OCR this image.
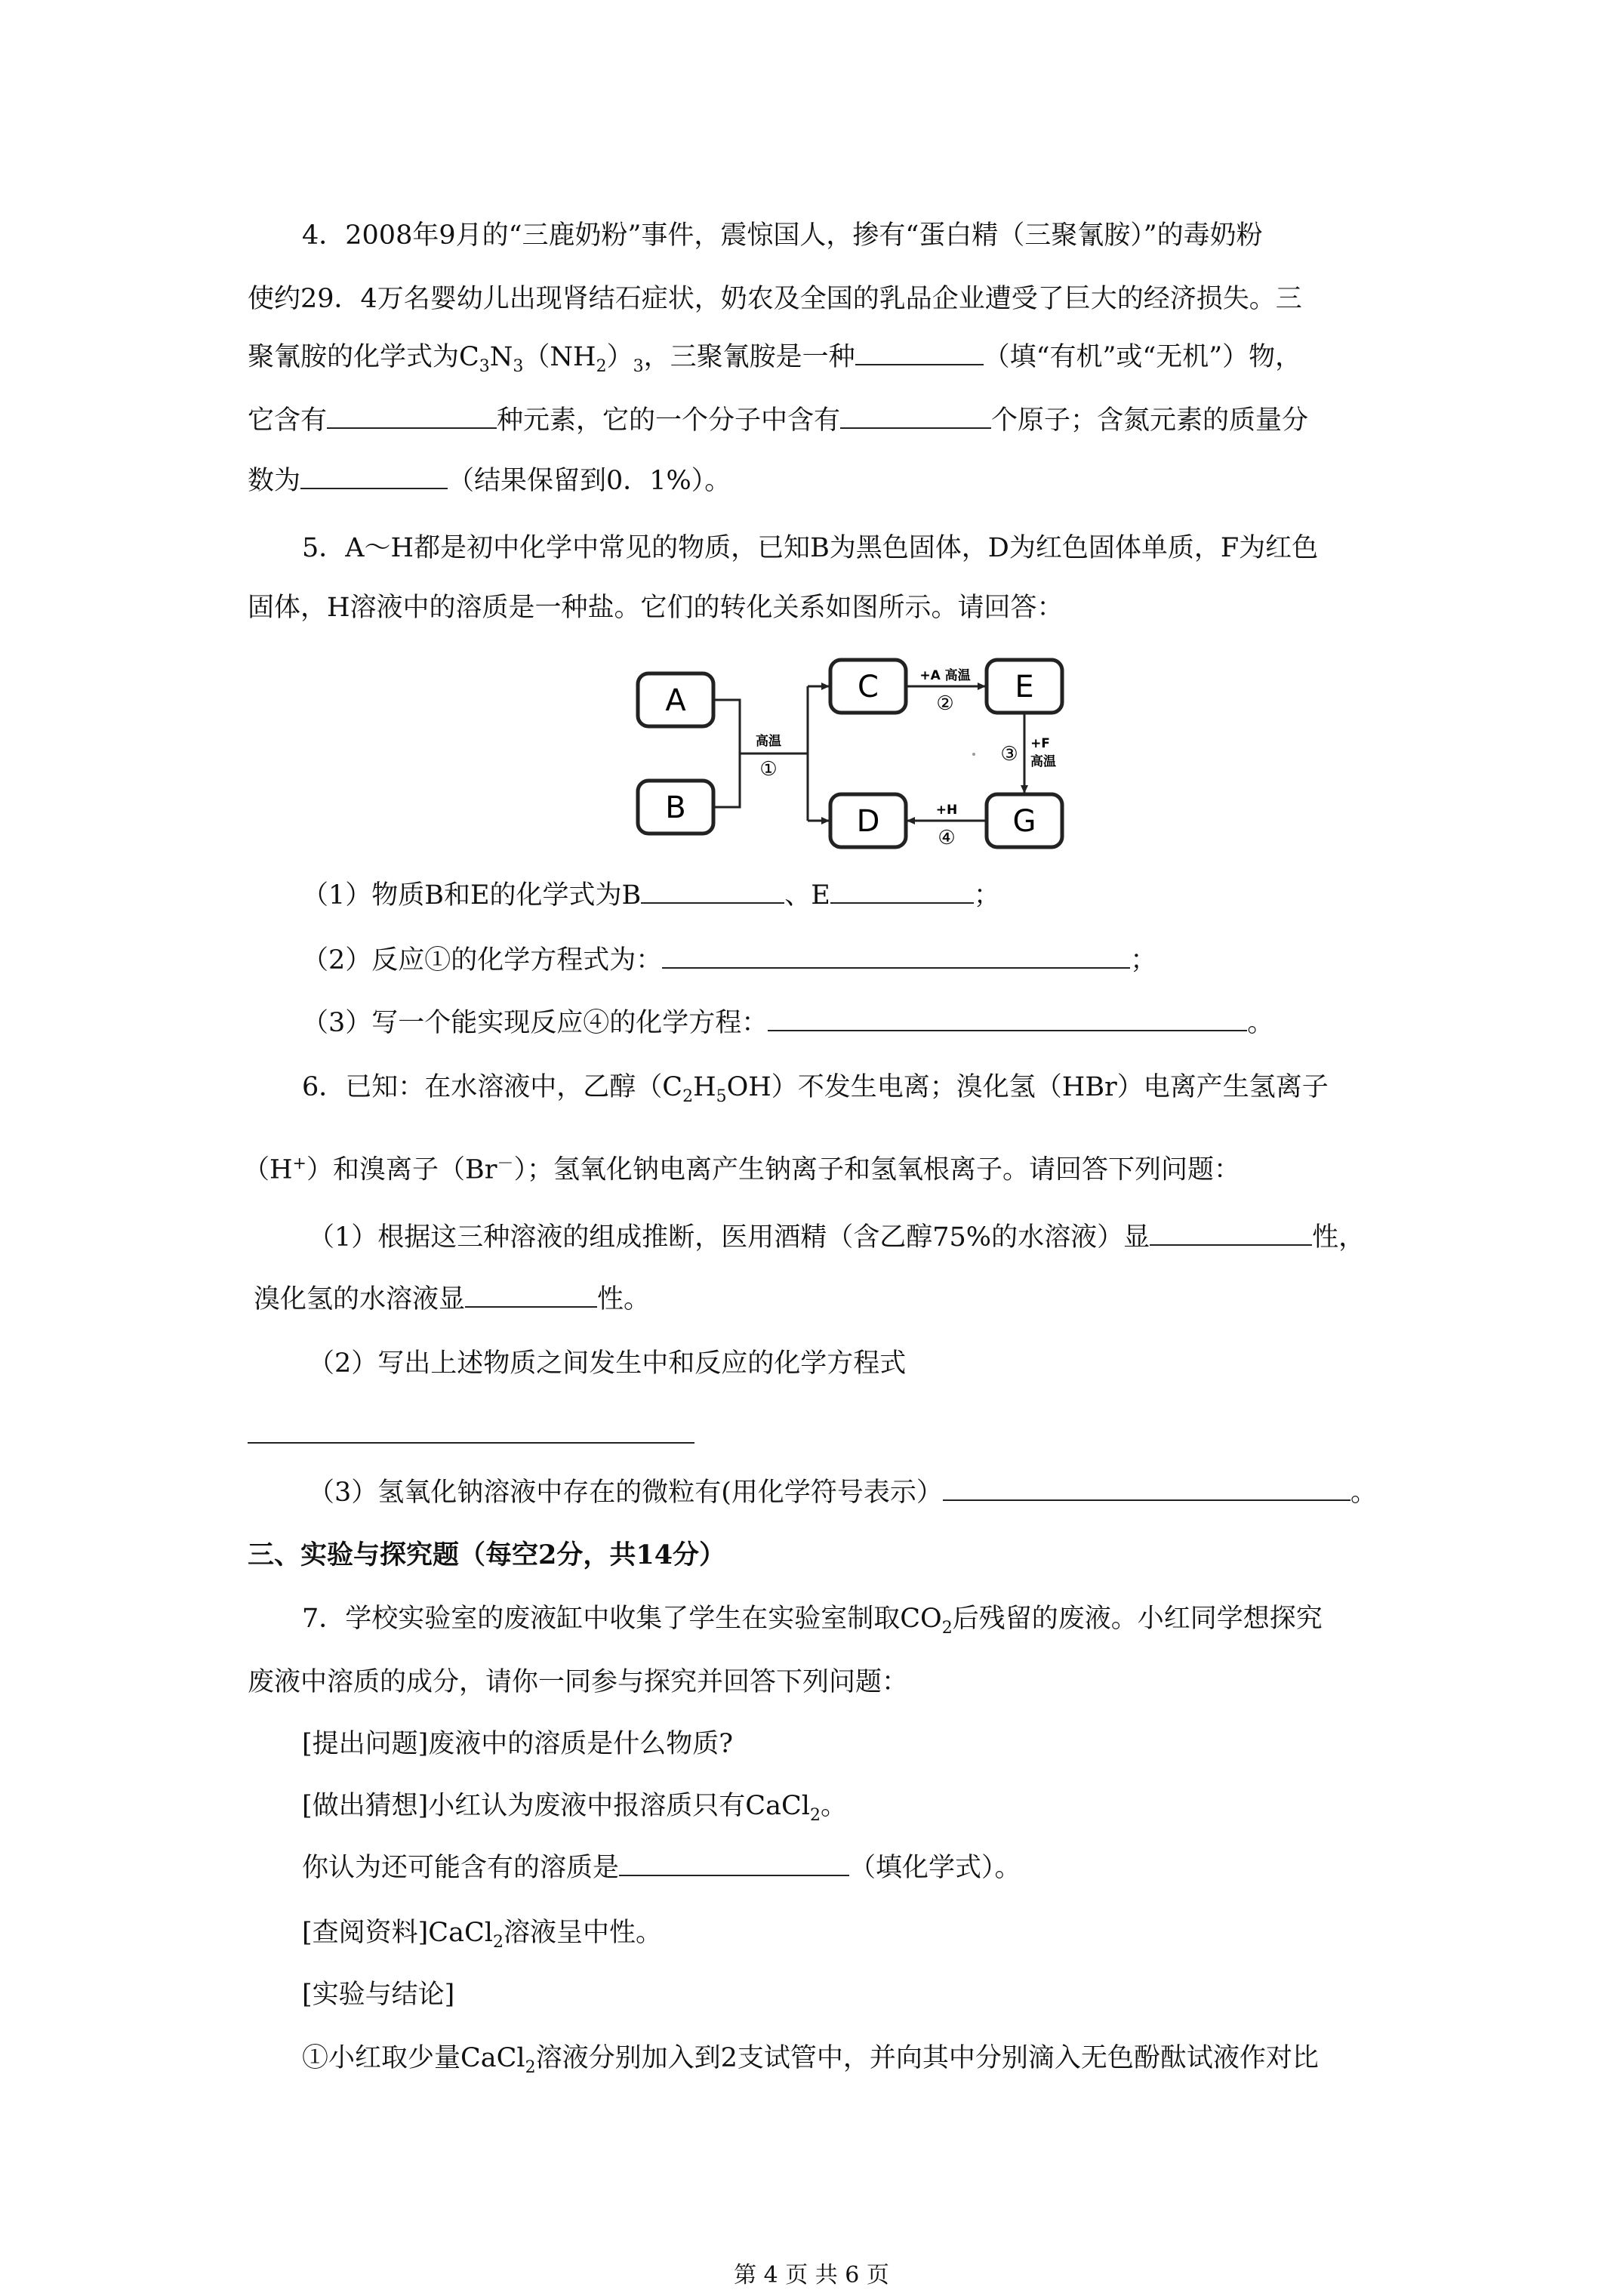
4．2008年9月的“三鹿奶粉”事件，震惊国人，掺有“蛋白精（三聚氰胺）”的毒奶粉
使约29．4万名婴幼儿出现肾结石症状，奶农及全国的乳品企业遭受了巨大的经济损失。三
聚氰胺的化学式为$C_3N_3(NH_2)_3$，三聚氰胺是一种	（填“有机”或“无机”）物，
它含有	种元素，它的一个分子中含有	个原子；含氮元素的质量分
数为	（结果保留到0．1%）。
5．A～H都是初中化学中常见的物质，已知B为黑色固体，D为红色固体单质，F为红色
固体，H溶液中的溶质是一种盐。它们的转化关系如图所示。请回答：
A
B
C
D
E
G
高温
①
+A 高温
②
③ +F
高温
+H
④
（1）物质B和E的化学式为B	、E	；
（2）反应①的化学方程式为：	；
（3）写一个能实现反应④的化学方程：	。
6．已知：在水溶液中，乙醇$(C_2H_5OH)$不发生电离；溴化氢（HBr）电离产生氢离子
（H+）和溴离子（Br－）；氢氧化钠电离产生钠离子和氢氧根离子。请回答下列问题：
（1）根据这三种溶液的组成推断，医用酒精（含乙醇75%的水溶液）显	性，
溴化氢的水溶液显	性。
（2）写出上述物质之间发生中和反应的化学方程式
（3）氢氧化钠溶液中存在的微粒有(用化学符号表示）	。
三、实验与探究题（每空2分，共14分）
7．学校实验室的废液缸中收集了学生在实验室制取$CO_2$后残留的废液。小红同学想探究
废液中溶质的成分，请你一同参与探究并回答下列问题：
[提出问题]废液中的溶质是什么物质?
[做出猜想]小红认为废液中报溶质只有CaCl$_2$。
你认为还可能含有的溶质是	（填化学式）。
[查阅资料]CaCl$_2$溶液呈中性。
[实验与结论]
①小红取少量CaCl$_2$溶液分别加入到2支试管中，并向其中分别滴入无色酚酞试液作对比
第 4 页 共 6 页
